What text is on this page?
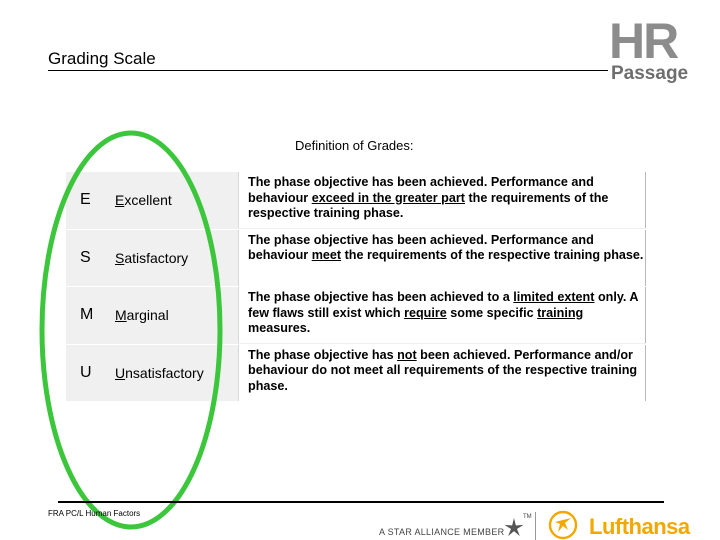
Grading Scale	HR
Passage
Definition of Grades:
E Excellent
The phase objective has been achieved. Performance and behaviour exceed in the greater part the requirements of the respective training phase.
S Satisfactory
The phase objective has been achieved. Performance and behaviour meet the requirements of the respective training phase.
M Marginal
The phase objective has been achieved to a limited extent only. A few flaws still exist which require some specific training measures.
U Unsatisfactory
The phase objective has not been achieved. Performance and/or behaviour do not meet all requirements of the respective training phase.
FRA PC/L Human Factors
A STAR ALLIANCE MEMBER
TM	Lufthansa
